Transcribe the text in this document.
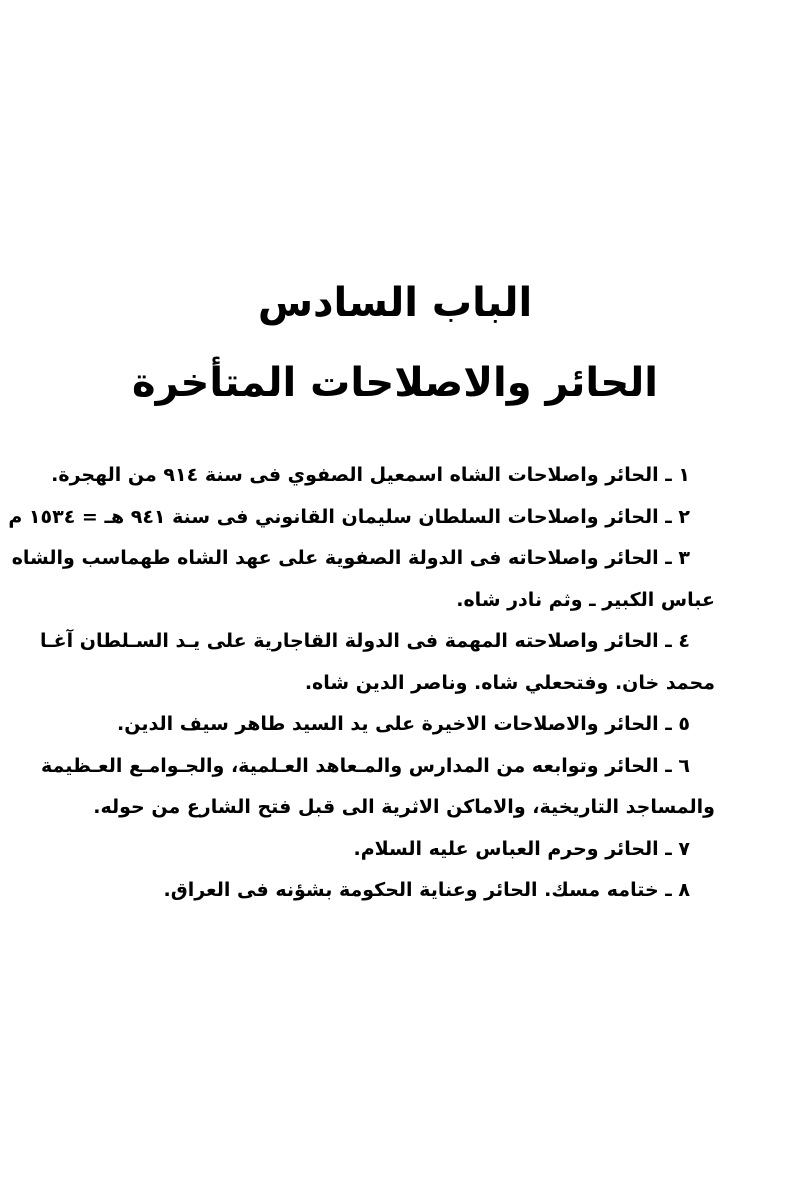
الباب السادس
الحائر والاصلاحات المتأخرة
١ ـ الحائر واصلاحات الشاه اسمعيل الصفوي فى سنة ٩١٤ من الهجرة.
٢ ـ الحائر واصلاحات السلطان سليمان القانوني فى سنة ٩٤١ هـ = ١٥٣٤ م
٣ ـ الحائر واصلاحاته فى الدولة الصفوية على عهد الشاه طهماسب والشاه
عباس الكبير ـ وثم نادر شاه.
٤ ـ الحائر واصلاحته المهمة فى الدولة القاجارية على يـد السـلطان آغـا
محمد خان. وفتحعلي شاه. وناصر الدين شاه.
٥ ـ الحائر والاصلاحات الاخيرة على يد السيد طاهر سيف الدين.
٦ ـ الحائر وتوابعه من المدارس والمـعاهد العـلمية، والجـوامـع العـظيمة
والمساجد التاريخية، والاماكن الاثرية الى قبل فتح الشارع من حوله.
٧ ـ الحائر وحرم العباس عليه السلام.
٨ ـ ختامه مسك. الحائر وعناية الحكومة بشؤنه فى العراق.
